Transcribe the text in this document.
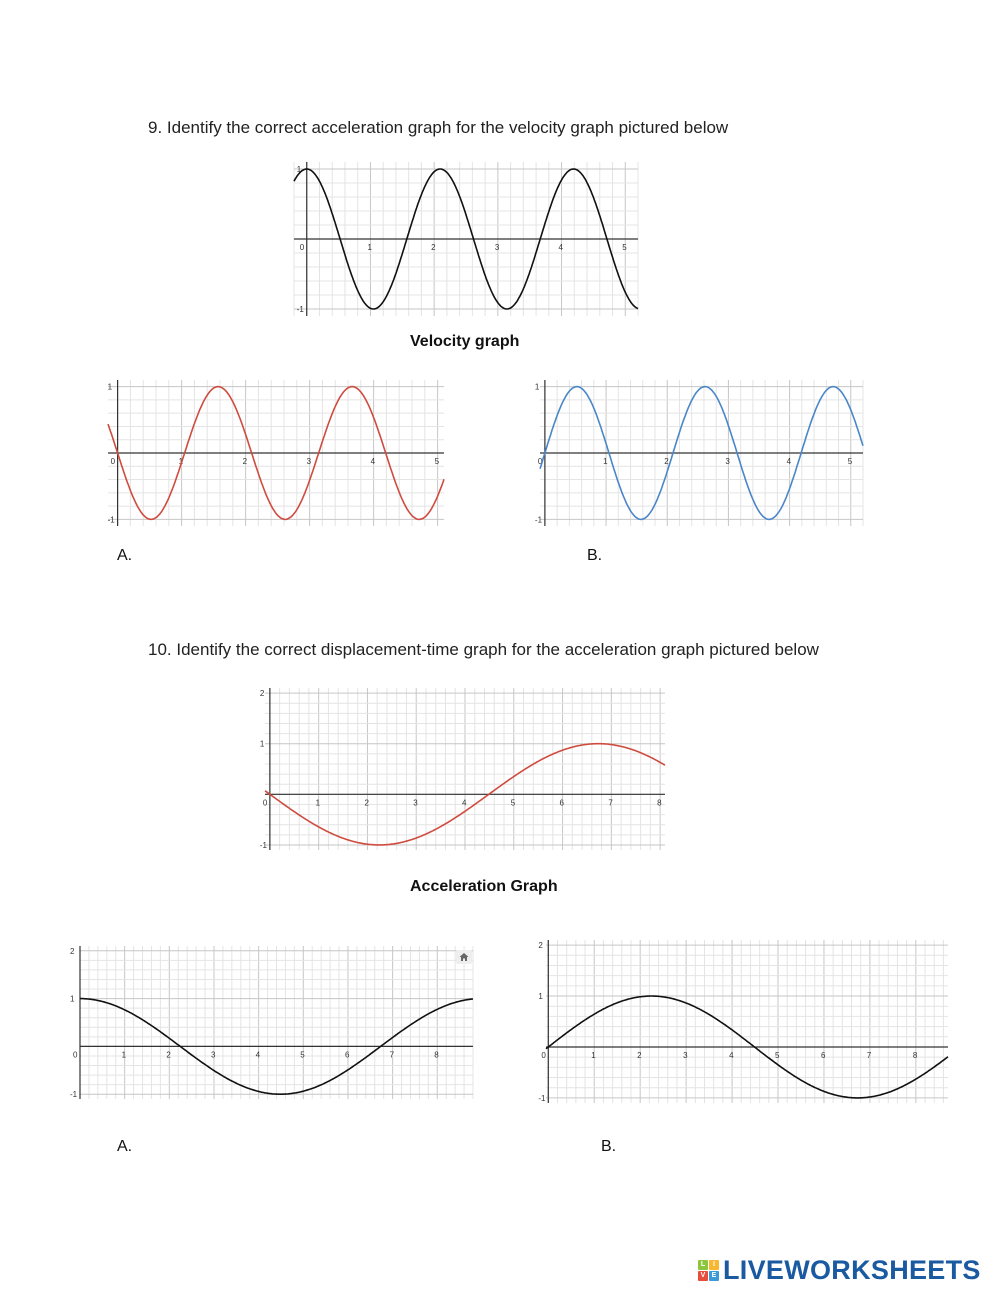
9. Identify the correct acceleration graph for the velocity graph pictured below
0	1	2	3	4	5
1
-1
Velocity graph
0	1	2	3	4	5
1
-1
A.
0	1	2	3	4	5
1
-1
B.
10. Identify the correct displacement-time graph for the acceleration graph pictured below
0	1	2	3	4	5	6	7	8
2
1
-1
Acceleration Graph
0	1	2	3	4	5	6	7	8
2
1
-1
A.
0	1	2	3	4	5	6	7	8
2
1
-1
B.
L	I
V E LIVEWORKSHEETS
